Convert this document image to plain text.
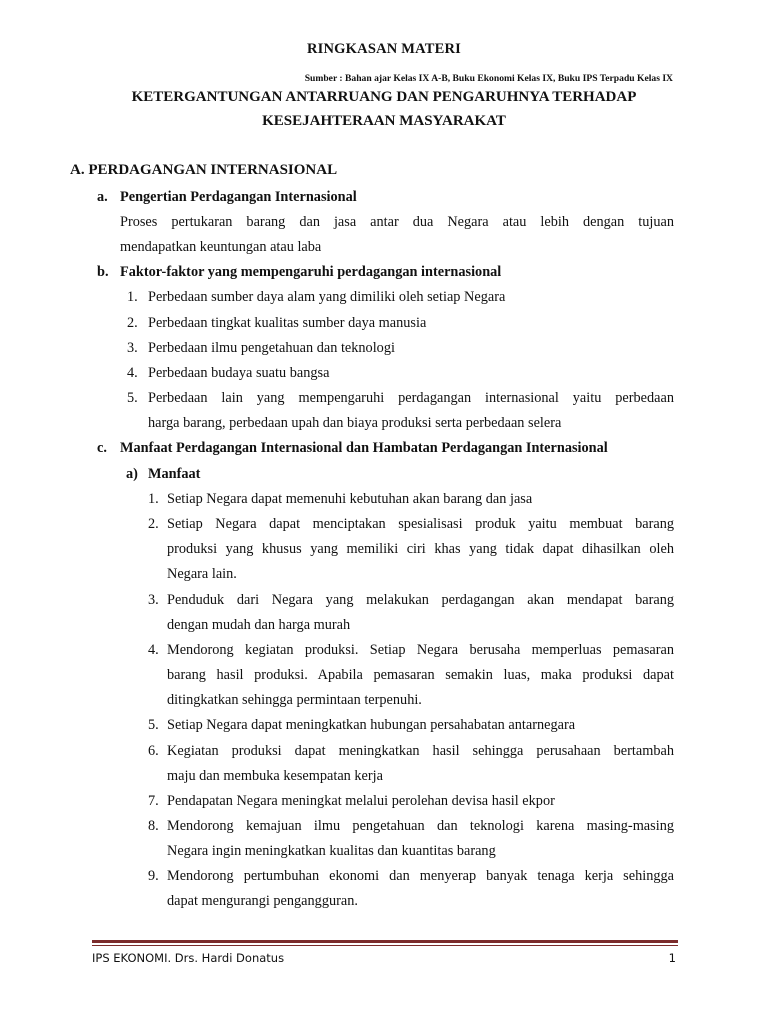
RINGKASAN MATERI
Sumber : Bahan ajar Kelas IX A-B, Buku Ekonomi Kelas IX, Buku IPS Terpadu Kelas IX
KETERGANTUNGAN ANTARRUANG DAN PENGARUHNYA TERHADAP
KESEJAHTERAAN MASYARAKAT
A. PERDAGANGAN INTERNASIONAL
a. Pengertian Perdagangan Internasional
Proses pertukaran barang dan jasa antar dua Negara atau lebih dengan tujuan
mendapatkan keuntungan atau laba
b. Faktor-faktor yang mempengaruhi perdagangan internasional
1. Perbedaan sumber daya alam yang dimiliki oleh setiap Negara
2. Perbedaan tingkat kualitas sumber daya manusia
3. Perbedaan ilmu pengetahuan dan teknologi
4. Perbedaan budaya suatu bangsa
5. Perbedaan lain yang mempengaruhi perdagangan internasional yaitu perbedaan
harga barang, perbedaan upah dan biaya produksi serta perbedaan selera
c. Manfaat Perdagangan Internasional dan Hambatan Perdagangan Internasional
a) Manfaat
1. Setiap Negara dapat memenuhi kebutuhan akan barang dan jasa
2. Setiap Negara dapat menciptakan spesialisasi produk yaitu membuat barang
produksi yang khusus yang memiliki ciri khas yang tidak dapat dihasilkan oleh
Negara lain.
3. Penduduk dari Negara yang melakukan perdagangan akan mendapat barang
dengan mudah dan harga murah
4. Mendorong kegiatan produksi. Setiap Negara berusaha memperluas pemasaran
barang hasil produksi. Apabila pemasaran semakin luas, maka produksi dapat
ditingkatkan sehingga permintaan terpenuhi.
5. Setiap Negara dapat meningkatkan hubungan persahabatan antarnegara
6. Kegiatan produksi dapat meningkatkan hasil sehingga perusahaan bertambah
maju dan membuka kesempatan kerja
7. Pendapatan Negara meningkat melalui perolehan devisa hasil ekpor
8. Mendorong kemajuan ilmu pengetahuan dan teknologi karena masing-masing
Negara ingin meningkatkan kualitas dan kuantitas barang
9. Mendorong pertumbuhan ekonomi dan menyerap banyak tenaga kerja sehingga
dapat mengurangi pengangguran.
IPS EKONOMI. Drs. Hardi Donatus	1
